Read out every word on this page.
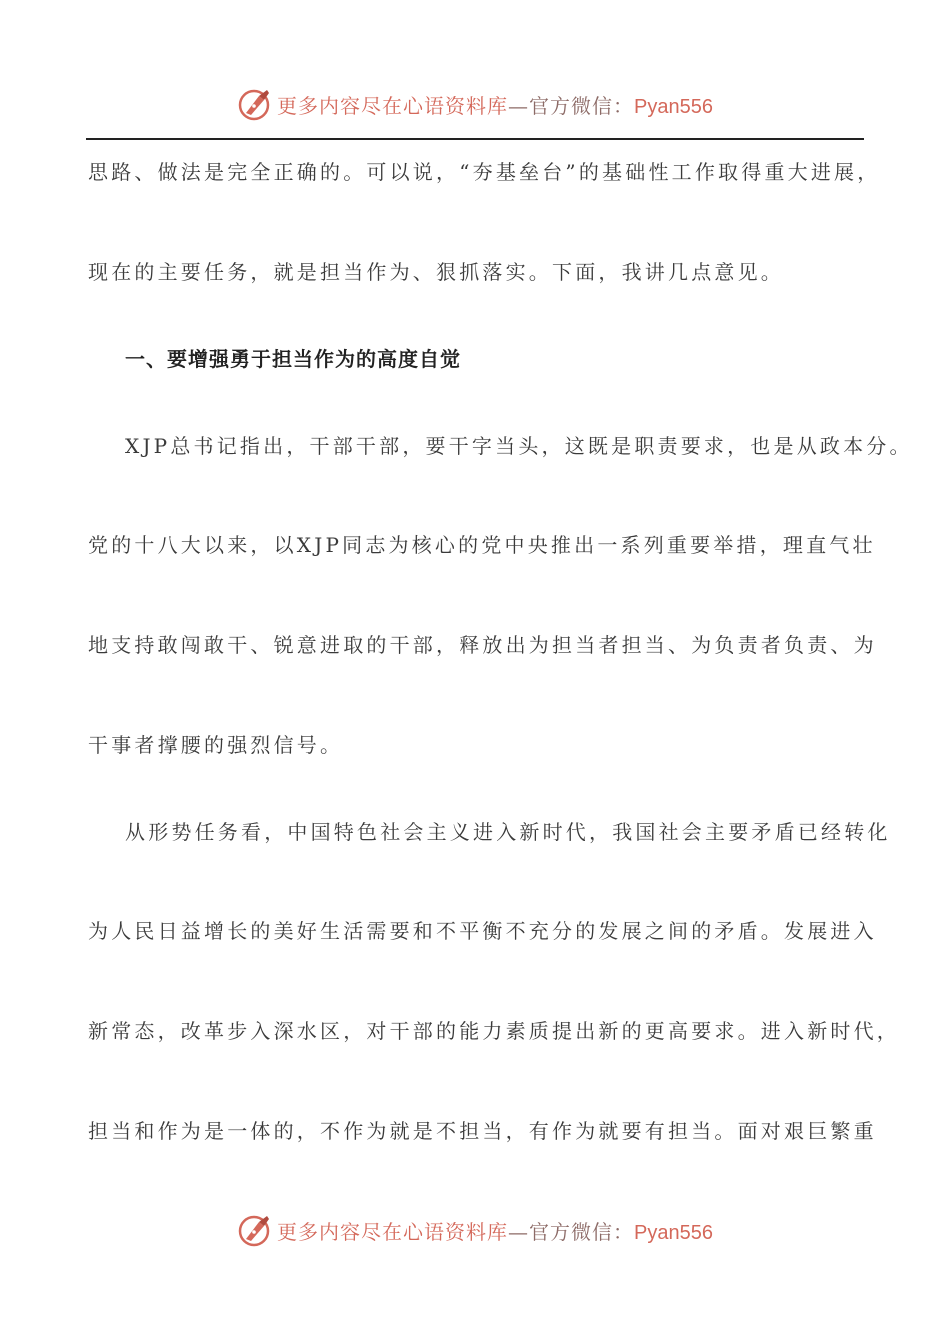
更多内容尽在心语资料库—官方微信：Pyan556
思路、做法是完全正确的。可以说，“夯基垒台”的基础性工作取得重大进展，
现在的主要任务，就是担当作为、狠抓落实。下面，我讲几点意见。
一、要增强勇于担当作为的高度自觉
XJP总书记指出，干部干部，要干字当头，这既是职责要求，也是从政本分。
党的十八大以来，以XJP同志为核心的党中央推出一系列重要举措，理直气壮
地支持敢闯敢干、锐意进取的干部，释放出为担当者担当、为负责者负责、为
干事者撑腰的强烈信号。
从形势任务看，中国特色社会主义进入新时代，我国社会主要矛盾已经转化
为人民日益增长的美好生活需要和不平衡不充分的发展之间的矛盾。发展进入
新常态，改革步入深水区，对干部的能力素质提出新的更高要求。进入新时代，
担当和作为是一体的，不作为就是不担当，有作为就要有担当。面对艰巨繁重
更多内容尽在心语资料库—官方微信：Pyan556
